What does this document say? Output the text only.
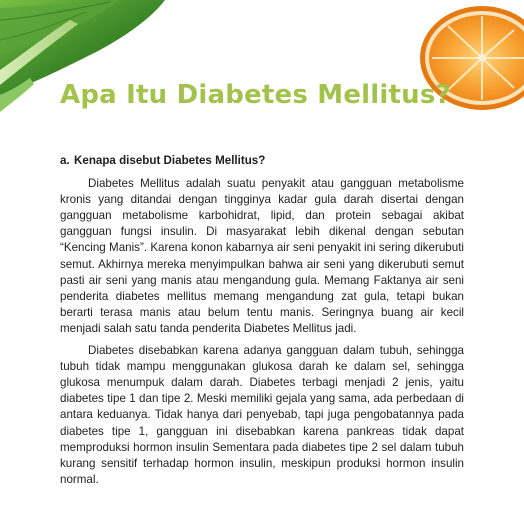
Apa Itu Diabetes Mellitus?

a. Kenapa disebut Diabetes Mellitus?

Diabetes Mellitus adalah suatu penyakit atau gangguan metabolisme kronis yang ditandai dengan tingginya kadar gula darah disertai dengan gangguan metabolisme karbohidrat, lipid, dan protein sebagai akibat gangguan fungsi insulin. Di masyarakat lebih dikenal dengan sebutan “Kencing Manis”. Karena konon kabarnya air seni penyakit ini sering dikerubuti semut. Akhirnya mereka menyimpulkan bahwa air seni yang dikerubuti semut pasti air seni yang manis atau mengandung gula. Memang Faktanya air seni penderita diabetes mellitus memang mengandung zat gula, tetapi bukan berarti terasa manis atau belum tentu manis. Seringnya buang air kecil menjadi salah satu tanda penderita Diabetes Mellitus jadi.

Diabetes disebabkan karena adanya gangguan dalam tubuh, sehingga tubuh tidak mampu menggunakan glukosa darah ke dalam sel, sehingga glukosa menumpuk dalam darah. Diabetes terbagi menjadi 2 jenis, yaitu diabetes tipe 1 dan tipe 2. Meski memiliki gejala yang sama, ada perbedaan di antara keduanya. Tidak hanya dari penyebab, tapi juga pengobatannya pada diabetes tipe 1, gangguan ini disebabkan karena pankreas tidak dapat memproduksi hormon insulin Sementara pada diabetes tipe 2 sel dalam tubuh kurang sensitif terhadap hormon insulin, meskipun produksi hormon insulin normal.
